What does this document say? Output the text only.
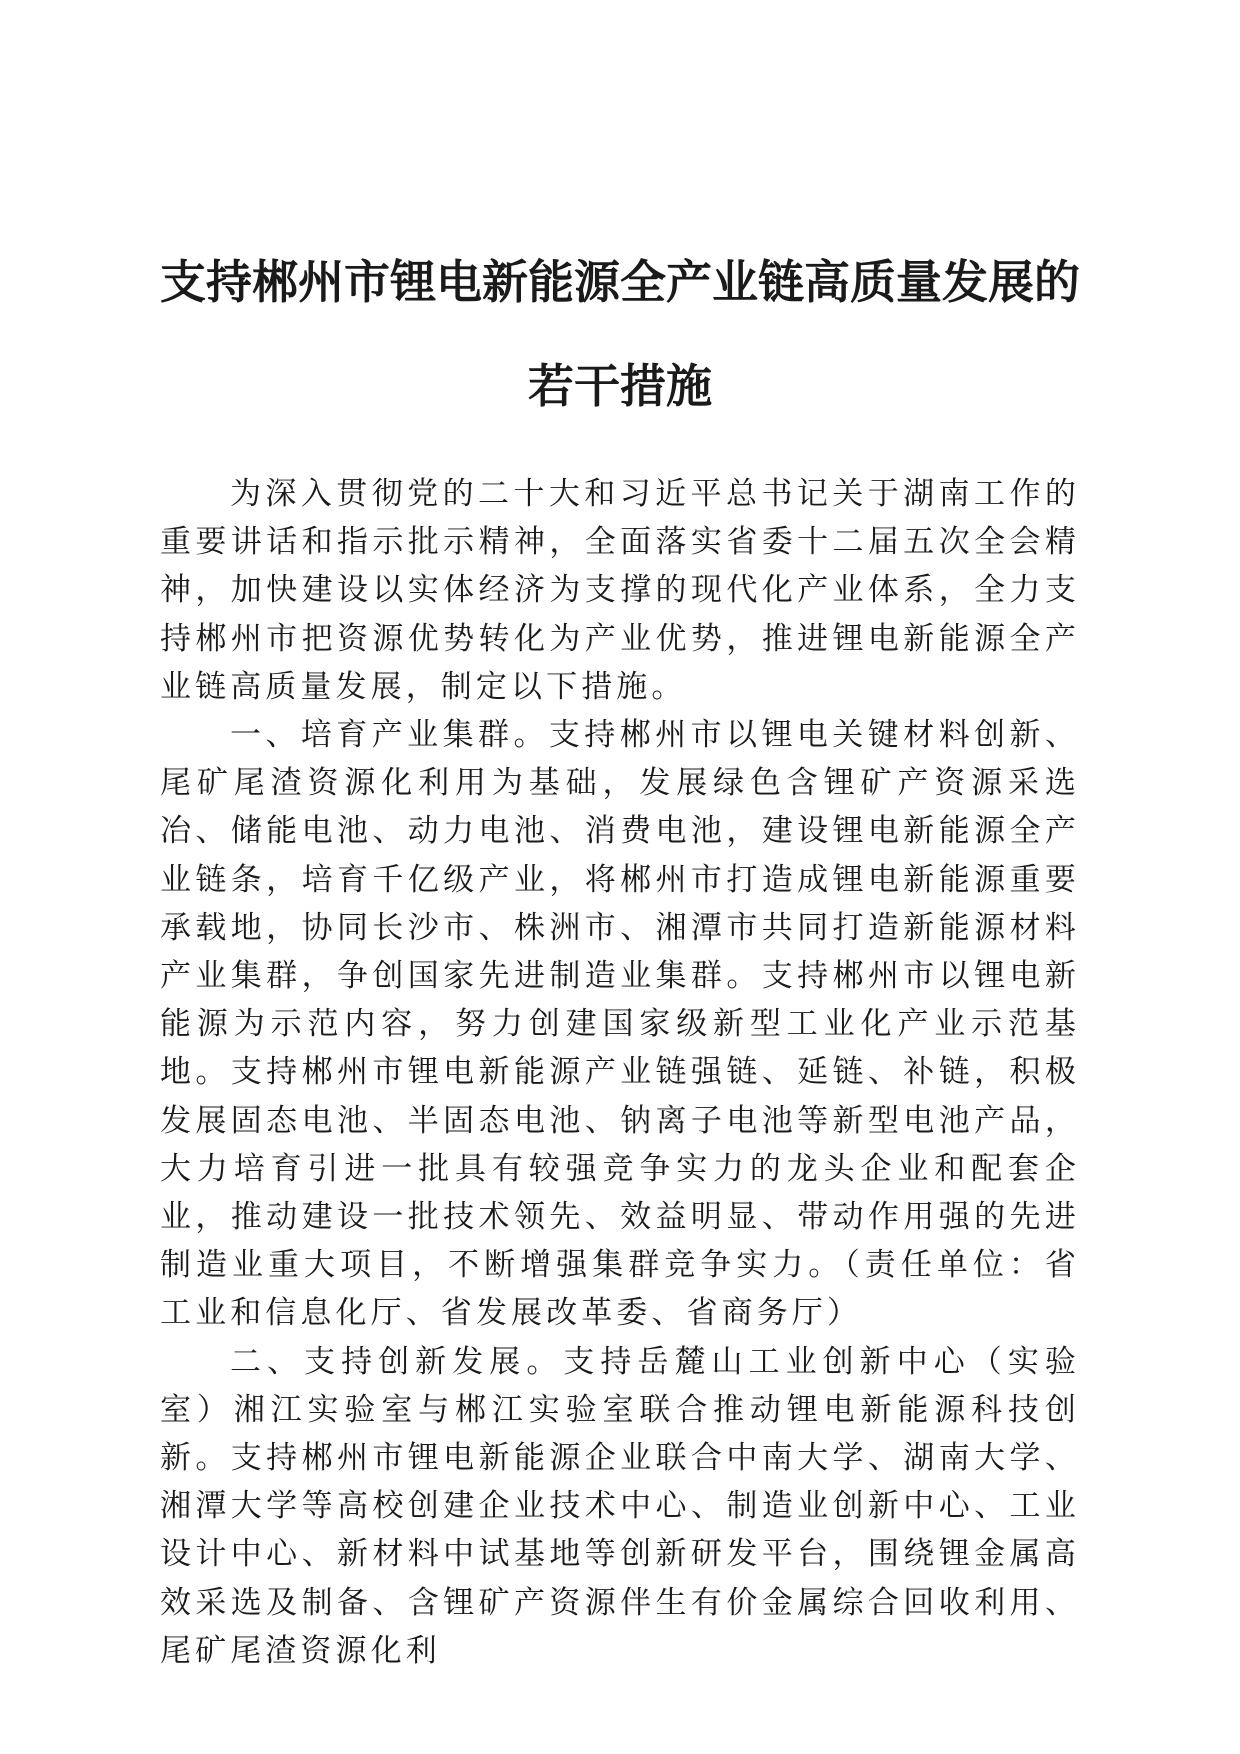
支持郴州市锂电新能源全产业链高质量发展的
若干措施

为深入贯彻党的二十大和习近平总书记关于湖南工作的重要讲话和指示批示精神，全面落实省委十二届五次全会精神，加快建设以实体经济为支撑的现代化产业体系，全力支持郴州市把资源优势转化为产业优势，推进锂电新能源全产业链高质量发展，制定以下措施。

一、培育产业集群。支持郴州市以锂电关键材料创新、尾矿尾渣资源化利用为基础，发展绿色含锂矿产资源采选冶、储能电池、动力电池、消费电池，建设锂电新能源全产业链条，培育千亿级产业，将郴州市打造成锂电新能源重要承载地，协同长沙市、株洲市、湘潭市共同打造新能源材料产业集群，争创国家先进制造业集群。支持郴州市以锂电新能源为示范内容，努力创建国家级新型工业化产业示范基地。支持郴州市锂电新能源产业链强链、延链、补链，积极发展固态电池、半固态电池、钠离子电池等新型电池产品，大力培育引进一批具有较强竞争实力的龙头企业和配套企业，推动建设一批技术领先、效益明显、带动作用强的先进制造业重大项目，不断增强集群竞争实力。（责任单位：省工业和信息化厅、省发展改革委、省商务厅）

二、支持创新发展。支持岳麓山工业创新中心（实验室）湘江实验室与郴江实验室联合推动锂电新能源科技创新。支持郴州市锂电新能源企业联合中南大学、湖南大学、湘潭大学等高校创建企业技术中心、制造业创新中心、工业设计中心、新材料中试基地等创新研发平台，围绕锂金属高效采选及制备、含锂矿产资源伴生有价金属综合回收利用、尾矿尾渣资源化利
